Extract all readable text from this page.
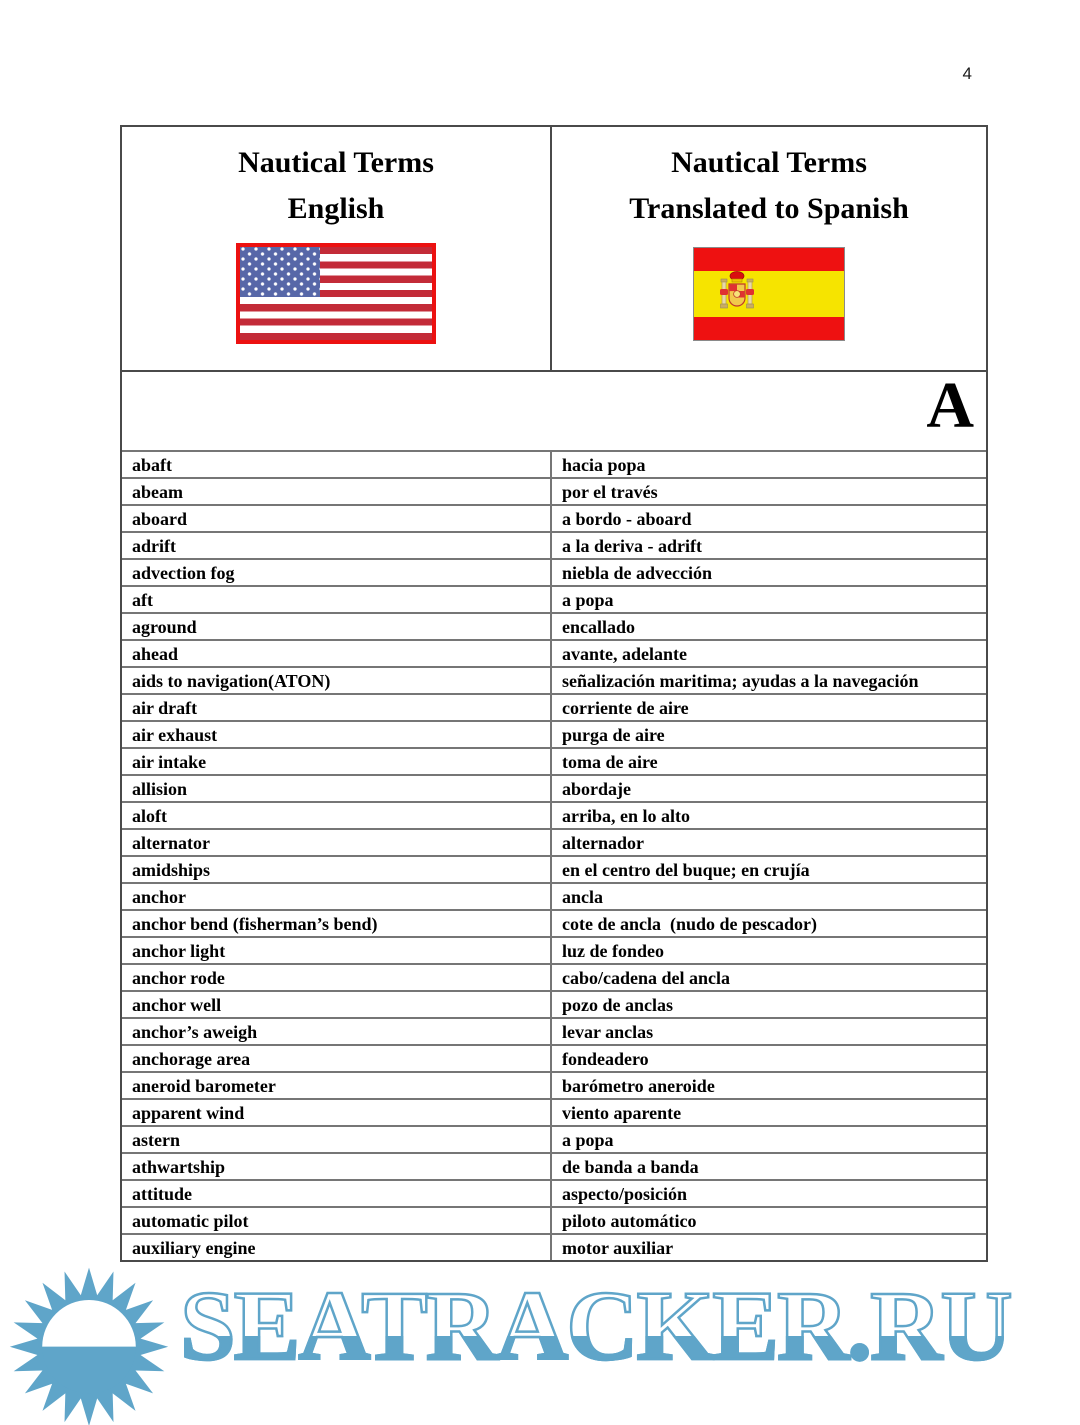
4
Nautical Terms
English
Nautical Terms
Translated to Spanish
A
abaft	hacia popa
abeam	por el través
aboard	a bordo - aboard
adrift	a la deriva - adrift
advection fog	niebla de advección
aft	a popa
aground	encallado
ahead	avante, adelante
aids to navigation(ATON)	señalización maritima; ayudas a la navegación
air draft	corriente de aire
air exhaust	purga de aire
air intake	toma de aire
allision	abordaje
aloft	arriba, en lo alto
alternator	alternador
amidships	en el centro del buque; en crujía
anchor	ancla
anchor bend (fisherman’s bend)	cote de ancla  (nudo de pescador)
anchor light	luz de fondeo
anchor rode	cabo/cadena del ancla
anchor well	pozo de anclas
anchor’s aweigh	levar anclas
anchorage area	fondeadero
aneroid barometer	barómetro aneroide
apparent wind	viento aparente
astern	a popa
athwartship	de banda a banda
attitude	aspecto/posición
automatic pilot	piloto automático
auxiliary engine	motor auxiliar
SEATRACKER.RU
